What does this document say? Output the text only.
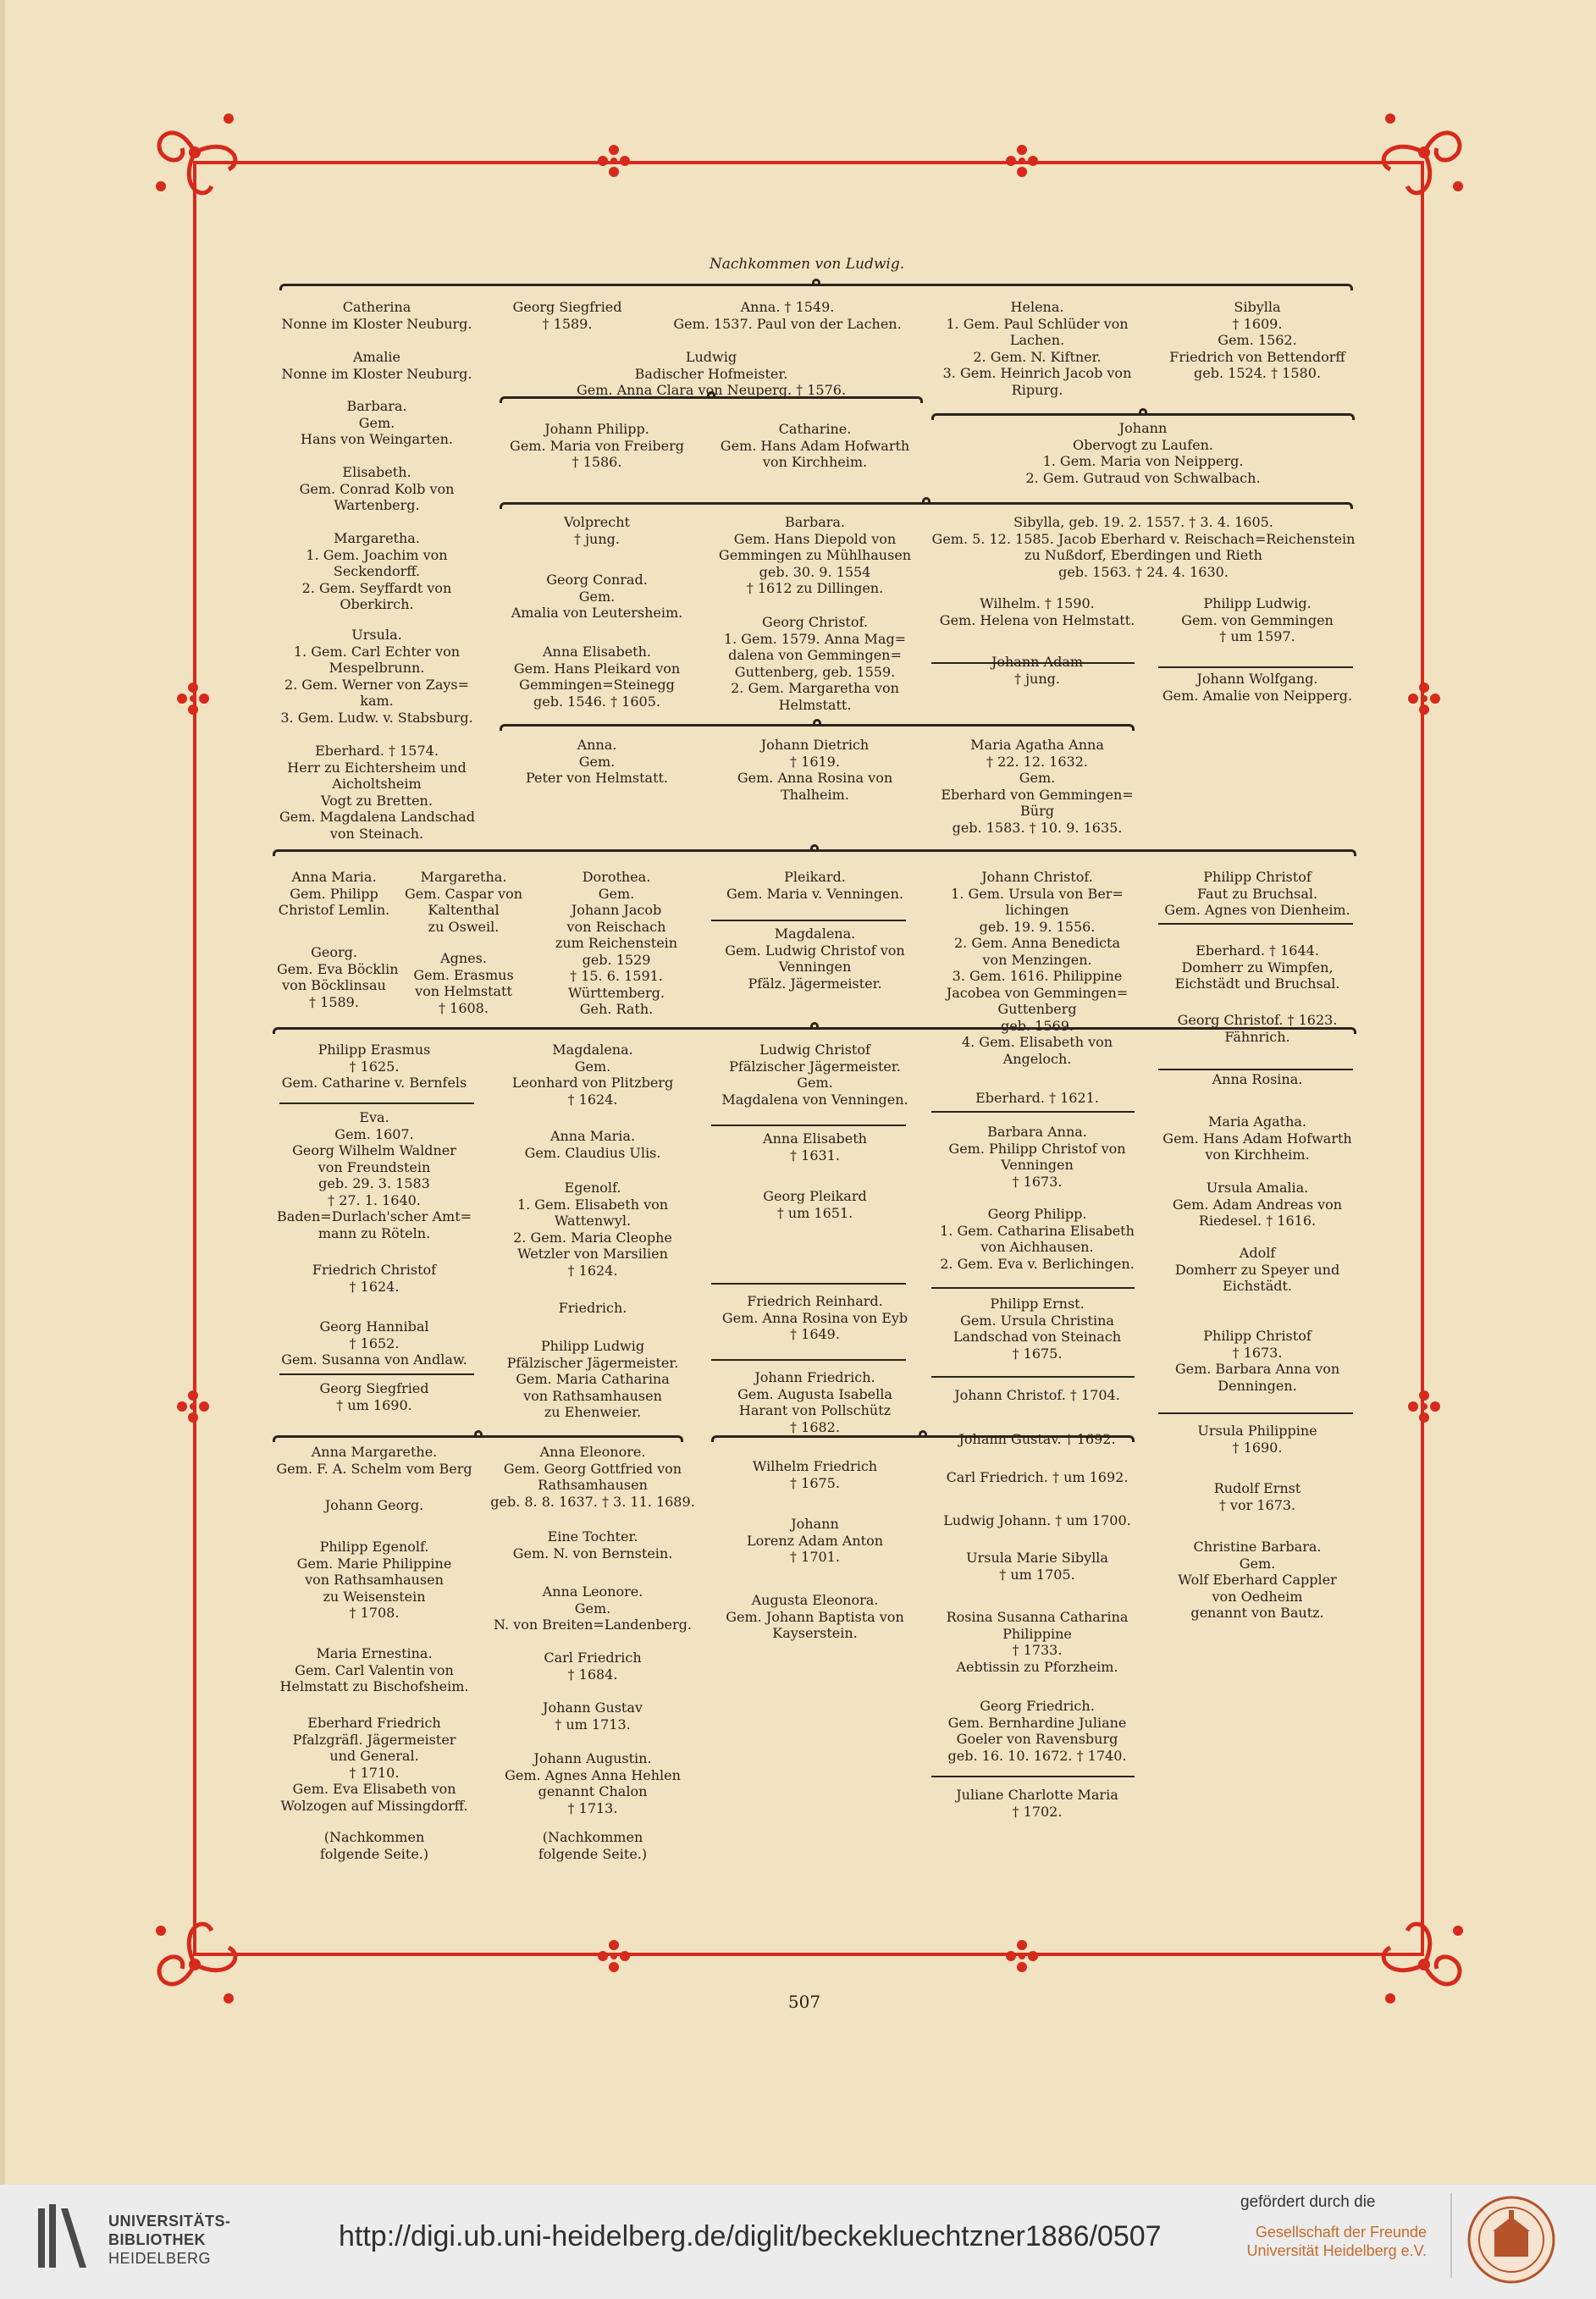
Nachkommen von Ludwig.
Catherina
Nonne im Kloster Neuburg.
Amalie
Nonne im Kloster Neuburg.
Barbara.
Gem.
Hans von Weingarten.
Elisabeth.
Gem. Conrad Kolb von
Wartenberg.
Margaretha.
1. Gem. Joachim von
Seckendorff.
2. Gem. Seyffardt von
Oberkirch.
Ursula.
1. Gem. Carl Echter von
Mespelbrunn.
2. Gem. Werner von Zays=
kam.
3. Gem. Ludw. v. Stabsburg.
Eberhard. † 1574.
Herr zu Eichtersheim und
Aicholtsheim
Vogt zu Bretten.
Gem. Magdalena Landschad
von Steinach.
Georg Siegfried
† 1589.
Anna. † 1549.
Gem. 1537. Paul von der Lachen.
Ludwig
Badischer Hofmeister.
Gem. Anna Clara von Neuperg. † 1576.
Johann Philipp.
Gem. Maria von Freiberg
† 1586.
Catharine.
Gem. Hans Adam Hofwarth
von Kirchheim.
Volprecht
† jung.
Georg Conrad.
Gem.
Amalia von Leutersheim.
Anna Elisabeth.
Gem. Hans Pleikard von
Gemmingen=Steinegg
geb. 1546. † 1605.
Barbara.
Gem. Hans Diepold von
Gemmingen zu Mühlhausen
geb. 30. 9. 1554
† 1612 zu Dillingen.
Georg Christof.
1. Gem. 1579. Anna Mag=
dalena von Gemmingen=
Guttenberg, geb. 1559.
2. Gem. Margaretha von
Helmstatt.
Anna.
Gem.
Peter von Helmstatt.
Johann Dietrich
† 1619.
Gem. Anna Rosina von
Thalheim.
Helena.
1. Gem. Paul Schlüder von
Lachen.
2. Gem. N. Kiftner.
3. Gem. Heinrich Jacob von
Ripurg.
Sibylla
† 1609.
Gem. 1562.
Friedrich von Bettendorff
geb. 1524. † 1580.
Johann
Obervogt zu Laufen.
1. Gem. Maria von Neipperg.
2. Gem. Gutraud von Schwalbach.
Sibylla, geb. 19. 2. 1557. † 3. 4. 1605.
Gem. 5. 12. 1585. Jacob Eberhard v. Reischach=Reichenstein
zu Nußdorf, Eberdingen und Rieth
geb. 1563. † 24. 4. 1630.
Wilhelm. † 1590.
Gem. Helena von Helmstatt.
Johann Adam
† jung.
Philipp Ludwig.
Gem. von Gemmingen
† um 1597.
Johann Wolfgang.
Gem. Amalie von Neipperg.
Maria Agatha Anna
† 22. 12. 1632.
Gem.
Eberhard von Gemmingen=
Bürg
geb. 1583. † 10. 9. 1635.
Anna Maria.
Gem. Philipp
Christof Lemlin.
Georg.
Gem. Eva Böcklin
von Böcklinsau
† 1589.
Margaretha.
Gem. Caspar von
Kaltenthal
zu Osweil.
Agnes.
Gem. Erasmus
von Helmstatt
† 1608.
Dorothea.
Gem.
Johann Jacob
von Reischach
zum Reichenstein
geb. 1529
† 15. 6. 1591.
Württemberg.
Geh. Rath.
Pleikard.
Gem. Maria v. Venningen.
Magdalena.
Gem. Ludwig Christof von
Venningen
Pfälz. Jägermeister.
Johann Christof.
1. Gem. Ursula von Ber=
lichingen
geb. 19. 9. 1556.
2. Gem. Anna Benedicta
von Menzingen.
3. Gem. 1616. Philippine
Jacobea von Gemmingen=
Guttenberg
geb. 1569.
4. Gem. Elisabeth von
Angeloch.
Philipp Christof
Faut zu Bruchsal.
Gem. Agnes von Dienheim.
Eberhard. † 1644.
Domherr zu Wimpfen,
Eichstädt und Bruchsal.
Georg Christof. † 1623.
Fähnrich.
Anna Rosina.
Maria Agatha.
Gem. Hans Adam Hofwarth
von Kirchheim.
Ursula Amalia.
Gem. Adam Andreas von
Riedesel. † 1616.
Adolf
Domherr zu Speyer und
Eichstädt.
Philipp Christof
† 1673.
Gem. Barbara Anna von
Denningen.
Ursula Philippine
† 1690.
Rudolf Ernst
† vor 1673.
Christine Barbara.
Gem.
Wolf Eberhard Cappler
von Oedheim
genannt von Bautz.
Philipp Erasmus
† 1625.
Gem. Catharine v. Bernfels
Eva.
Gem. 1607.
Georg Wilhelm Waldner
von Freundstein
geb. 29. 3. 1583
† 27. 1. 1640.
Baden=Durlach'scher Amt=
mann zu Röteln.
Friedrich Christof
† 1624.
Georg Hannibal
† 1652.
Gem. Susanna von Andlaw.
Georg Siegfried
† um 1690.
Magdalena.
Gem.
Leonhard von Plitzberg
† 1624.
Anna Maria.
Gem. Claudius Ulis.
Egenolf.
1. Gem. Elisabeth von
Wattenwyl.
2. Gem. Maria Cleophe
Wetzler von Marsilien
† 1624.
Friedrich.
Philipp Ludwig
Pfälzischer Jägermeister.
Gem. Maria Catharina
von Rathsamhausen
zu Ehenweier.
Ludwig Christof
Pfälzischer Jägermeister.
Gem.
Magdalena von Venningen.
Anna Elisabeth
† 1631.
Georg Pleikard
† um 1651.
Friedrich Reinhard.
Gem. Anna Rosina von Eyb
† 1649.
Johann Friedrich.
Gem. Augusta Isabella
Harant von Pollschütz
† 1682.
Eberhard. † 1621.
Barbara Anna.
Gem. Philipp Christof von
Venningen
† 1673.
Georg Philipp.
1. Gem. Catharina Elisabeth
von Aichhausen.
2. Gem. Eva v. Berlichingen.
Philipp Ernst.
Gem. Ursula Christina
Landschad von Steinach
† 1675.
Johann Christof. † 1704.
Anna Margarethe.
Gem. F. A. Schelm vom Berg
Johann Georg.
Philipp Egenolf.
Gem. Marie Philippine
von Rathsamhausen
zu Weisenstein
† 1708.
Maria Ernestina.
Gem. Carl Valentin von
Helmstatt zu Bischofsheim.
Eberhard Friedrich
Pfalzgräfl. Jägermeister
und General.
† 1710.
Gem. Eva Elisabeth von
Wolzogen auf Missingdorff.
(Nachkommen
folgende Seite.)
Anna Eleonore.
Gem. Georg Gottfried von
Rathsamhausen
geb. 8. 8. 1637. † 3. 11. 1689.
Eine Tochter.
Gem. N. von Bernstein.
Anna Leonore.
Gem.
N. von Breiten=Landenberg.
Carl Friedrich
† 1684.
Johann Gustav
† um 1713.
Johann Augustin.
Gem. Agnes Anna Hehlen
genannt Chalon
† 1713.
(Nachkommen
folgende Seite.)
Wilhelm Friedrich
† 1675.
Johann
Lorenz Adam Anton
† 1701.
Augusta Eleonora.
Gem. Johann Baptista von
Kayserstein.
Johann Gustav. † 1692.
Carl Friedrich. † um 1692.
Ludwig Johann. † um 1700.
Ursula Marie Sibylla
† um 1705.
Rosina Susanna Catharina
Philippine
† 1733.
Aebtissin zu Pforzheim.
Georg Friedrich.
Gem. Bernhardine Juliane
Goeler von Ravensburg
geb. 16. 10. 1672. † 1740.
Juliane Charlotte Maria
† 1702.
507
UNIVERSITÄTS-
BIBLIOTHEK
HEIDELBERG
http://digi.ub.uni-heidelberg.de/diglit/beckekluechtzner1886/0507
gefördert durch die
Gesellschaft der Freunde
Universität Heidelberg e.V.
